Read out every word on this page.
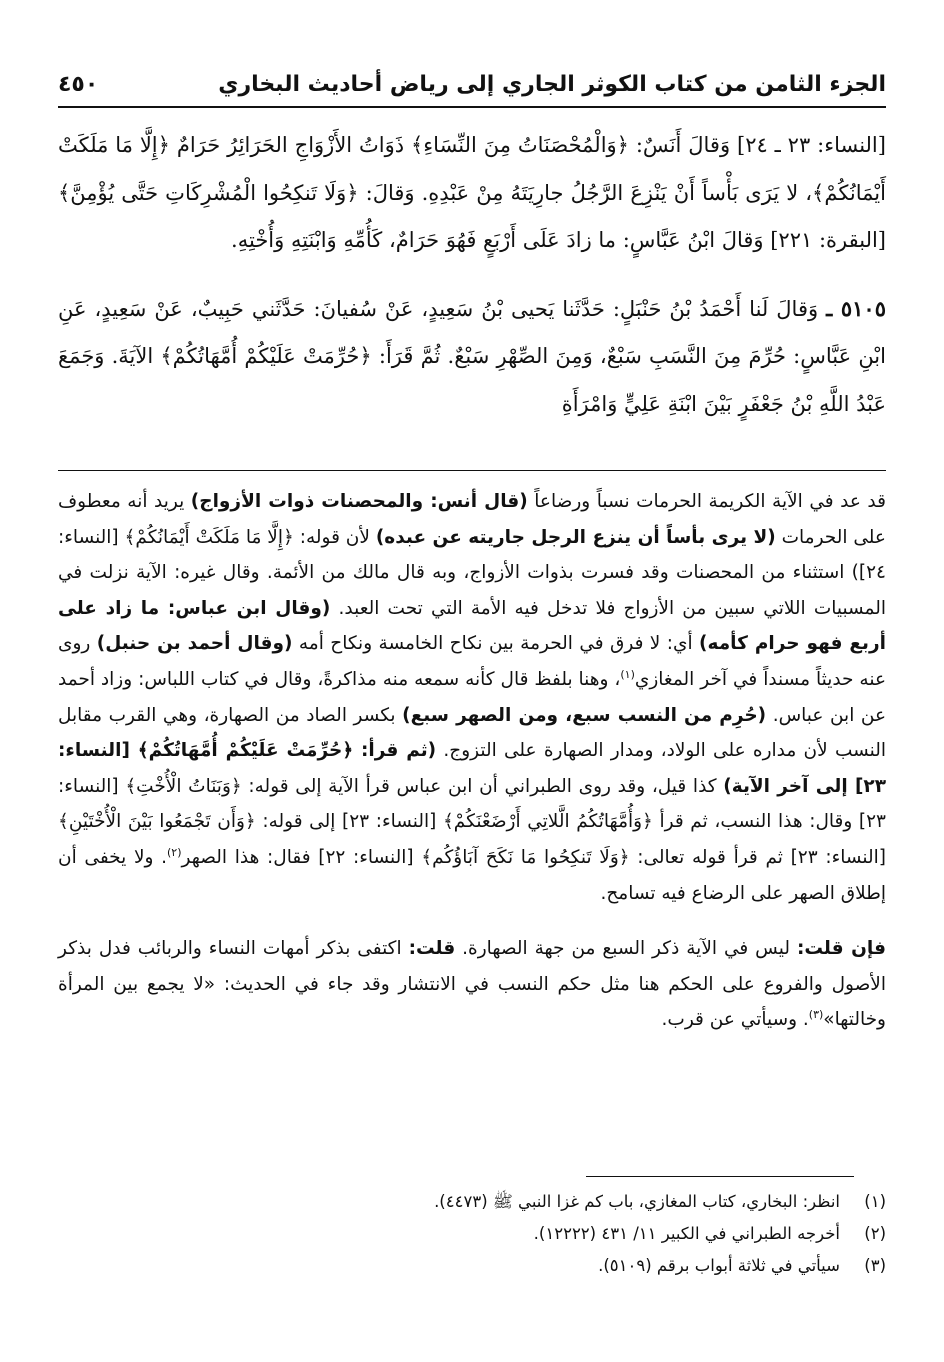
الجزء الثامن من كتاب الكوثر الجاري إلى رياض أحاديث البخاري
٤٥٠

[النساء: ٢٣ ـ ٢٤] وَقالَ أَنَسٌ: ﴿وَالْمُحْصَنَاتُ مِنَ النِّسَاءِ﴾ ذَوَاتُ الأَزْوَاجِ الحَرَائِرُ حَرَامٌ ﴿إِلَّا مَا مَلَكَتْ أَيْمَانُكُمْ﴾، لا يَرَى بَأْساً أَنْ يَنْزِعَ الرَّجُلُ جارِيَتَهُ مِنْ عَبْدِهِ. وَقالَ: ﴿وَلَا تَنكِحُوا الْمُشْرِكَاتِ حَتَّى يُؤْمِنَّ﴾ [البقرة: ٢٢١] وَقالَ ابْنُ عَبَّاسٍ: ما زادَ عَلَى أَرْبَعٍ فَهُوَ حَرَامٌ، كَأُمِّهِ وَابْنَتِهِ وَأُخْتِهِ.

٥١٠٥ ـ وَقالَ لَنا أَحْمَدُ بْنُ حَنْبَلٍ: حَدَّثَنا يَحيى بْنُ سَعِيدٍ، عَنْ سُفيانَ: حَدَّثَني حَبِيبٌ، عَنْ سَعِيدٍ، عَنِ ابْنِ عَبَّاسٍ: حُرِّمَ مِنَ النَّسَبِ سَبْعٌ، وَمِنَ الصِّهْرِ سَبْعٌ. ثُمَّ قَرَأَ: ﴿حُرِّمَتْ عَلَيْكُمْ أُمَّهَاتُكُمْ﴾ الآيَةَ. وَجَمَعَ عَبْدُ اللَّهِ بْنُ جَعْفَرٍ بَيْنَ ابْنَةِ عَلِيٍّ وَامْرَأَةِ

قد عد في الآية الكريمة الحرمات نسباً ورضاعاً (قال أنس: والمحصنات ذوات الأزواج) يريد أنه معطوف على الحرمات (لا يرى بأساً أن ينزع الرجل جاريته عن عبده) لأن قوله: ﴿إِلَّا مَا مَلَكَتْ أَيْمَانُكُمْ﴾ [النساء: ٢٤]) استثناء من المحصنات وقد فسرت بذوات الأزواج، وبه قال مالك من الأئمة. وقال غيره: الآية نزلت في المسبيات اللاتي سبين من الأزواج فلا تدخل فيه الأمة التي تحت العبد. (وقال ابن عباس: ما زاد على أربع فهو حرام كأمه) أي: لا فرق في الحرمة بين نكاح الخامسة ونكاح أمه (وقال أحمد بن حنبل) روى عنه حديثاً مسنداً في آخر المغازي$^{(١)}$، وهنا بلفظ قال كأنه سمعه منه مذاكرةً، وقال في كتاب اللباس: وزاد أحمد عن ابن عباس. (حُرِم من النسب سبع، ومن الصهر سبع) بكسر الصاد من الصهارة، وهي القرب مقابل النسب لأن مداره على الولاد، ومدار الصهارة على التزوج. (ثم قرأ: ﴿حُرِّمَتْ عَلَيْكُمْ أُمَّهَاتُكُمْ﴾ [النساء: ٢٣] إلى آخر الآية) كذا قيل، وقد روى الطبراني أن ابن عباس قرأ الآية إلى قوله: ﴿وَبَنَاتُ الْأُخْتِ﴾ [النساء: ٢٣] وقال: هذا النسب، ثم قرأ ﴿وَأُمَّهَاتُكُمُ الَّلاتِي أَرْضَعْنَكُمْ﴾ [النساء: ٢٣] إلى قوله: ﴿وَأَن تَجْمَعُوا بَيْنَ الْأُخْتَيْنِ﴾ [النساء: ٢٣] ثم قرأ قوله تعالى: ﴿وَلَا تَنكِحُوا مَا نَكَحَ آبَاؤُكُم﴾ [النساء: ٢٢] فقال: هذا الصهر$^{(٢)}$. ولا يخفى أن إطلاق الصهر على الرضاع فيه تسامح.

فإن قلت: ليس في الآية ذكر السبع من جهة الصهارة. قلت: اكتفى بذكر أمهات النساء والربائب فدل بذكر الأصول والفروع على الحكم هنا مثل حكم النسب في الانتشار وقد جاء في الحديث: «لا يجمع بين المرأة وخالتها»$^{(٣)}$. وسيأتي عن قرب.

(١)
انظر: البخاري، كتاب المغازي، باب كم غزا النبي ﷺ (٤٤٧٣).
(٢)
أخرجه الطبراني في الكبير ١١/ ٤٣١ (١٢٢٢٢).
(٣)
سيأتي في ثلاثة أبواب برقم (٥١٠٩).
